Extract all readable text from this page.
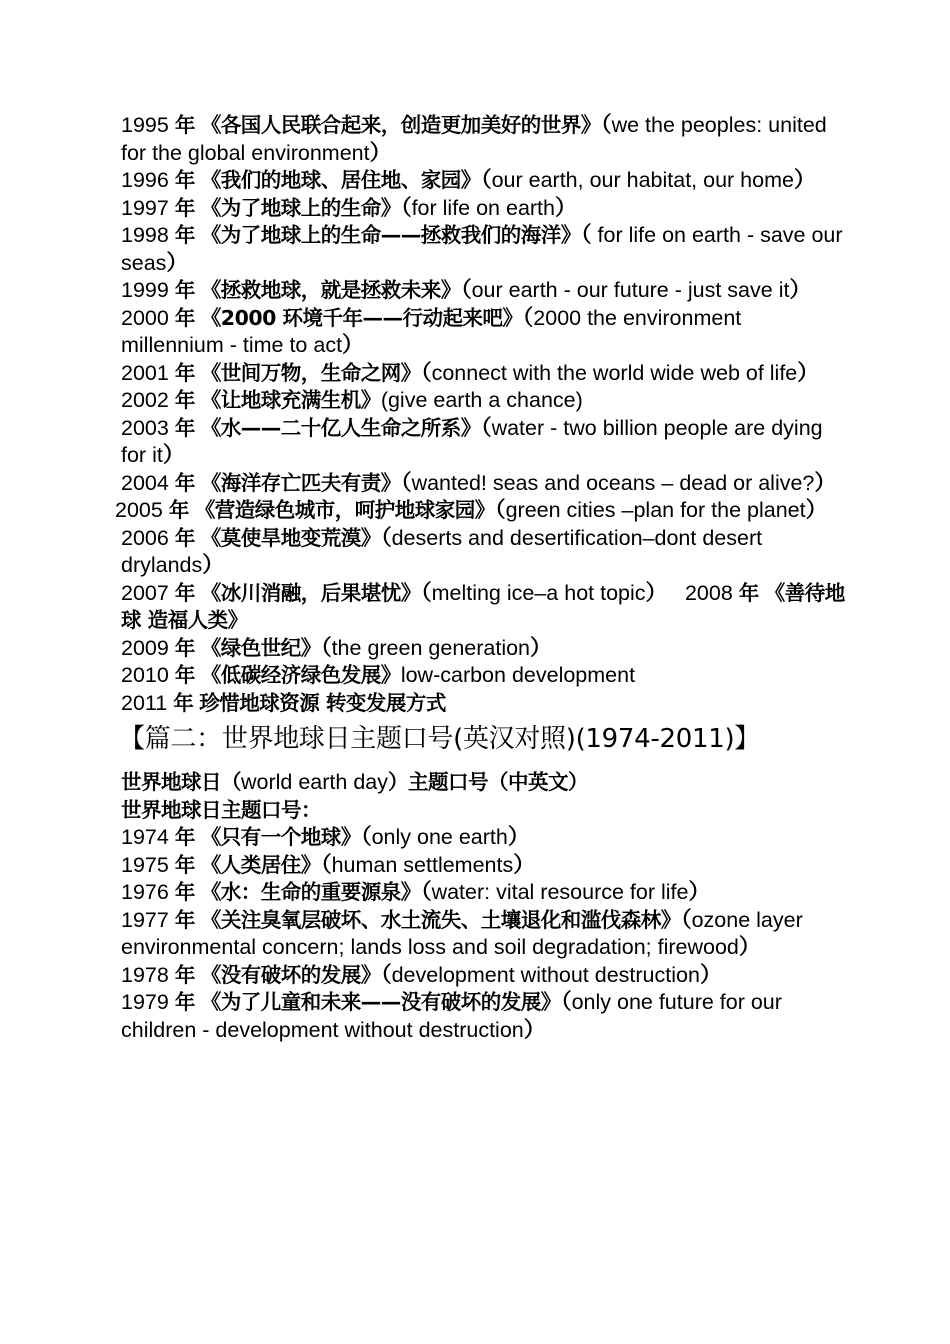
1995 年 《各国人民联合起来，创造更加美好的世界》（we the peoples: united for the global environment）

1996 年 《我们的地球、居住地、家园》（our earth, our habitat, our home）

1997 年 《为了地球上的生命》（for life on earth）

1998 年 《为了地球上的生命——拯救我们的海洋》（ for life on earth - save our seas）

1999 年 《拯救地球，就是拯救未来》（our earth - our future - just save it）

2000 年 《2000 环境千年——行动起来吧》（2000 the environment millennium - time to act）

2001 年 《世间万物，生命之网》（connect with the world wide web of life）

2002 年 《让地球充满生机》(give earth a chance)

2003 年 《水——二十亿人生命之所系》（water - two billion people are dying for it）

2004 年 《海洋存亡匹夫有责》（wanted! seas and oceans – dead or alive?）

2005 年 《营造绿色城市，呵护地球家园》（green cities –plan for the planet）

2006 年 《莫使旱地变荒漠》（deserts and desertification–dont desert drylands）

2007 年 《冰川消融，后果堪忧》（melting ice–a hot topic） 2008 年 《善待地球 造福人类》

2009 年 《绿色世纪》（the green generation）

2010 年 《低碳经济绿色发展》low-carbon development

2011 年 珍惜地球资源 转变发展方式

【篇二：世界地球日主题口号(英汉对照)(1974-2011)】

世界地球日（world earth day）主题口号（中英文）

世界地球日主题口号：

1974 年 《只有一个地球》（only one earth）

1975 年 《人类居住》（human settlements）

1976 年 《水：生命的重要源泉》（water: vital resource for life）

1977 年 《关注臭氧层破坏、水土流失、土壤退化和滥伐森林》（ozone layer environmental concern; lands loss and soil degradation; firewood）

1978 年 《没有破坏的发展》（development without destruction）

1979 年 《为了儿童和未来——没有破坏的发展》（only one future for our children - development without destruction）
